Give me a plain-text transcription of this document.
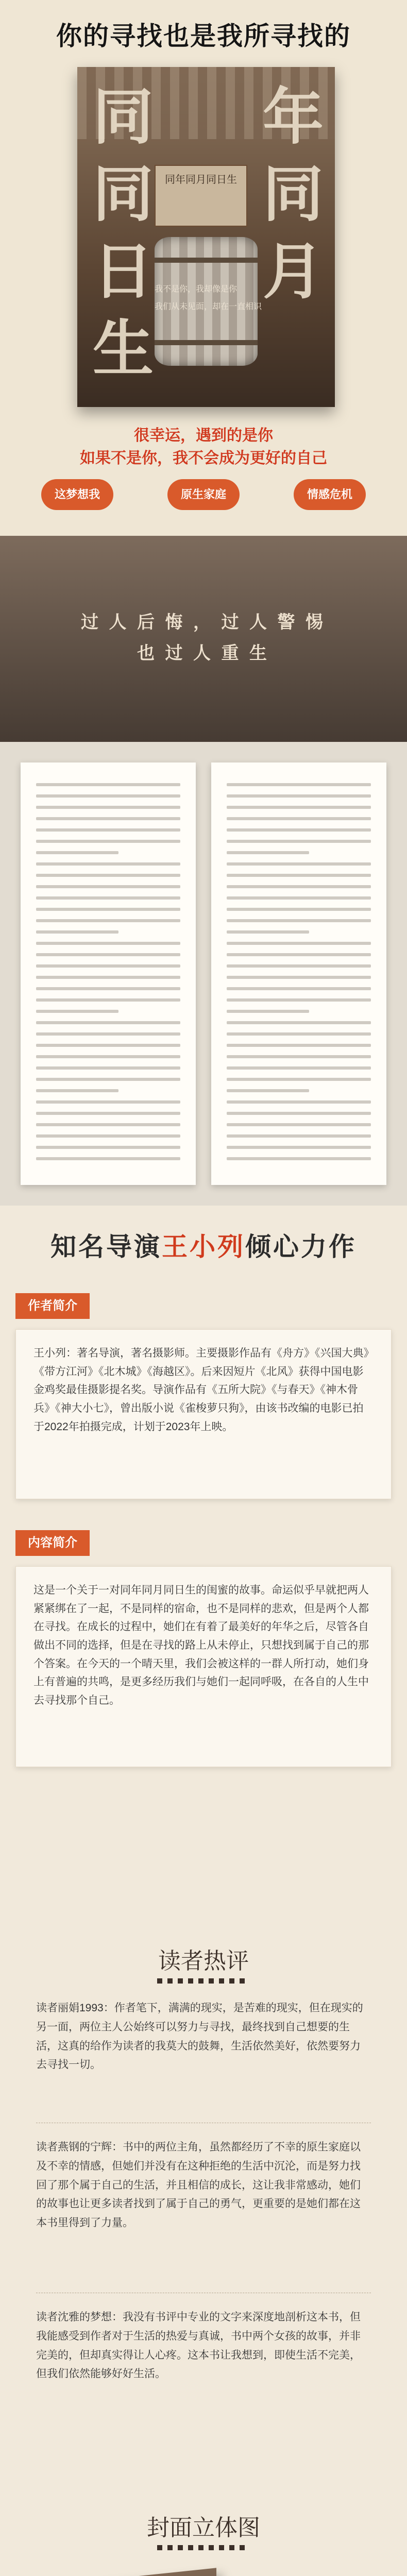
你的寻找也是我所寻找的
同 年
同
月
同
日
生
同年同月同日生
我不是你，我却像是你
我们从未见面，却在一直相识
很幸运，遇到的是你
如果不是你，我不会成为更好的自己
这梦想我	原生家庭	情感危机
过 人 后 悔 ， 过 人 警 惕
也 过 人 重 生
知名导演王小列倾心力作
作者简介
王小列：著名导演，著名摄影师。主要摄影作品有《舟方》《兴国大典》《带方江河》《北木城》《海越区》。后来因短片《北风》获得中国电影金鸡奖最佳摄影提名奖。导演作品有《五所大院》《与春天》《神木骨兵》《神大小七》，曾出版小说《雀梭萝只狗》，由该书改编的电影已拍于2022年拍摄完成，计划于2023年上映。
内容简介
这是一个关于一对同年同月同日生的闺蜜的故事。命运似乎早就把两人紧紧绑在了一起，不是同样的宿命，也不是同样的悲欢，但是两个人都在寻找。在成长的过程中，她们在有着了最美好的年华之后，尽管各自做出不同的选择，但是在寻找的路上从未停止，只想找到属于自己的那个答案。在今天的一个晴天里，我们会被这样的一群人所打动，她们身上有普遍的共鸣，是更多经历我们与她们一起同呼吸，在各自的人生中去寻找那个自己。
读者热评
读者丽娟1993：作者笔下，满满的现实，是苦难的现实，但在现实的另一面，两位主人公始终可以努力与寻找，最终找到自己想要的生活，这真的给作为读者的我莫大的鼓舞，生活依然美好，依然要努力去寻找一切。
读者燕钢的宁辉：书中的两位主角，虽然都经历了不幸的原生家庭以及不幸的情感，但她们并没有在这种拒绝的生活中沉沦，而是努力找回了那个属于自己的生活，并且相信的成长，这让我非常感动，她们的故事也让更多读者找到了属于自己的勇气，更重要的是她们都在这本书里得到了力量。
读者沈雅的梦想：我没有书评中专业的文字来深度地剖析这本书，但我能感受到作者对于生活的热爱与真诚，书中两个女孩的故事，并非完美的，但却真实得让人心疼。这本书让我想到，即使生活不完美，但我们依然能够好好生活。
封面立体图
